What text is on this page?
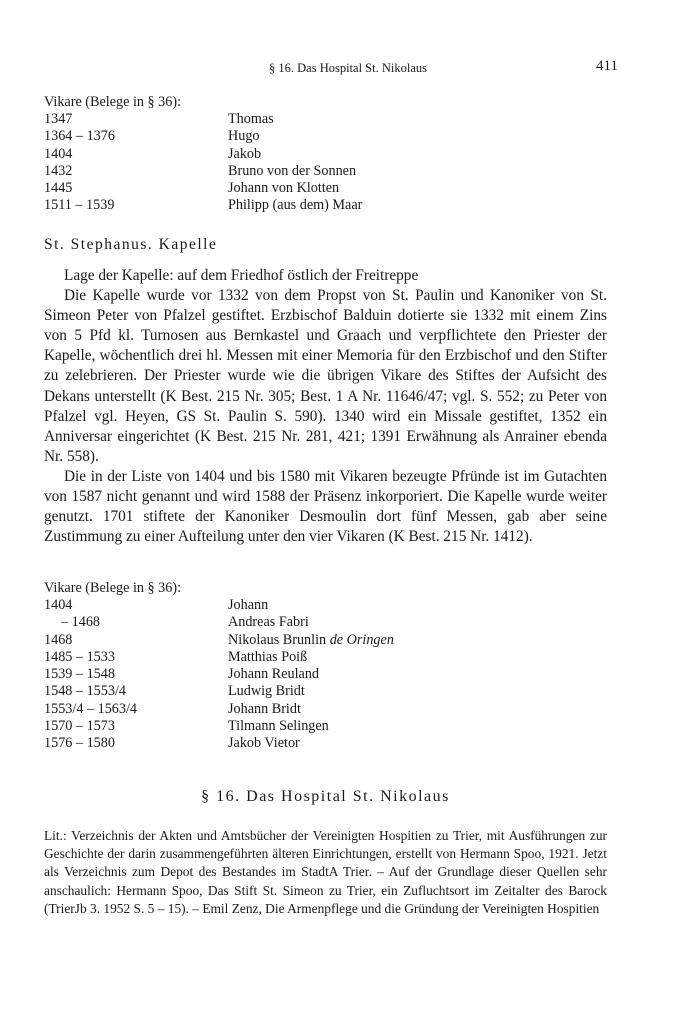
§ 16. Das Hospital St. Nikolaus	411
Vikare (Belege in § 36):
1347	Thomas
1364 – 1376	Hugo
1404	Jakob
1432	Bruno von der Sonnen
1445	Johann von Klotten
1511 – 1539	Philipp (aus dem) Maar
St. Stephanus. Kapelle

Lage der Kapelle: auf dem Friedhof östlich der Freitreppe

Die Kapelle wurde vor 1332 von dem Propst von St. Paulin und Kanoniker von St. Simeon Peter von Pfalzel gestiftet. Erzbischof Balduin dotierte sie 1332 mit einem Zins von 5 Pfd kl. Turnosen aus Bernkastel und Graach und verpflichtete den Priester der Kapelle, wöchentlich drei hl. Messen mit einer Memoria für den Erzbischof und den Stifter zu zelebrieren. Der Priester wurde wie die übrigen Vikare des Stiftes der Aufsicht des Dekans unterstellt (K Best. 215 Nr. 305; Best. 1 A Nr. 11646/47; vgl. S. 552; zu Peter von Pfalzel vgl. Heyen, GS St. Paulin S. 590). 1340 wird ein Missale gestiftet, 1352 ein Anniversar eingerichtet (K Best. 215 Nr. 281, 421; 1391 Erwähnung als Anrainer ebenda Nr. 558).

Die in der Liste von 1404 und bis 1580 mit Vikaren bezeugte Pfründe ist im Gutachten von 1587 nicht genannt und wird 1588 der Präsenz inkorporiert. Die Kapelle wurde weiter genutzt. 1701 stiftete der Kanoniker Desmoulin dort fünf Messen, gab aber seine Zustimmung zu einer Aufteilung unter den vier Vikaren (K Best. 215 Nr. 1412).

Vikare (Belege in § 36):
1404	Johann
– 1468	Andreas Fabri
1468	Nikolaus Brunlin de Oringen
1485 – 1533	Matthias Poiß
1539 – 1548	Johann Reuland
1548 – 1553/4	Ludwig Bridt
1553/4 – 1563/4	Johann Bridt
1570 – 1573	Tilmann Selingen
1576 – 1580	Jakob Vietor
§ 16. Das Hospital St. Nikolaus

Lit.: Verzeichnis der Akten und Amtsbücher der Vereinigten Hospitien zu Trier, mit Ausführungen zur Geschichte der darin zusammengeführten älteren Einrichtungen, erstellt von Hermann Spoo, 1921. Jetzt als Verzeichnis zum Depot des Bestandes im StadtA Trier. – Auf der Grundlage dieser Quellen sehr anschaulich: Hermann Spoo, Das Stift St. Simeon zu Trier, ein Zufluchtsort im Zeitalter des Barock (TrierJb 3. 1952 S. 5 – 15). – Emil Zenz, Die Armenpflege und die Gründung der Vereinigten Hospitien
